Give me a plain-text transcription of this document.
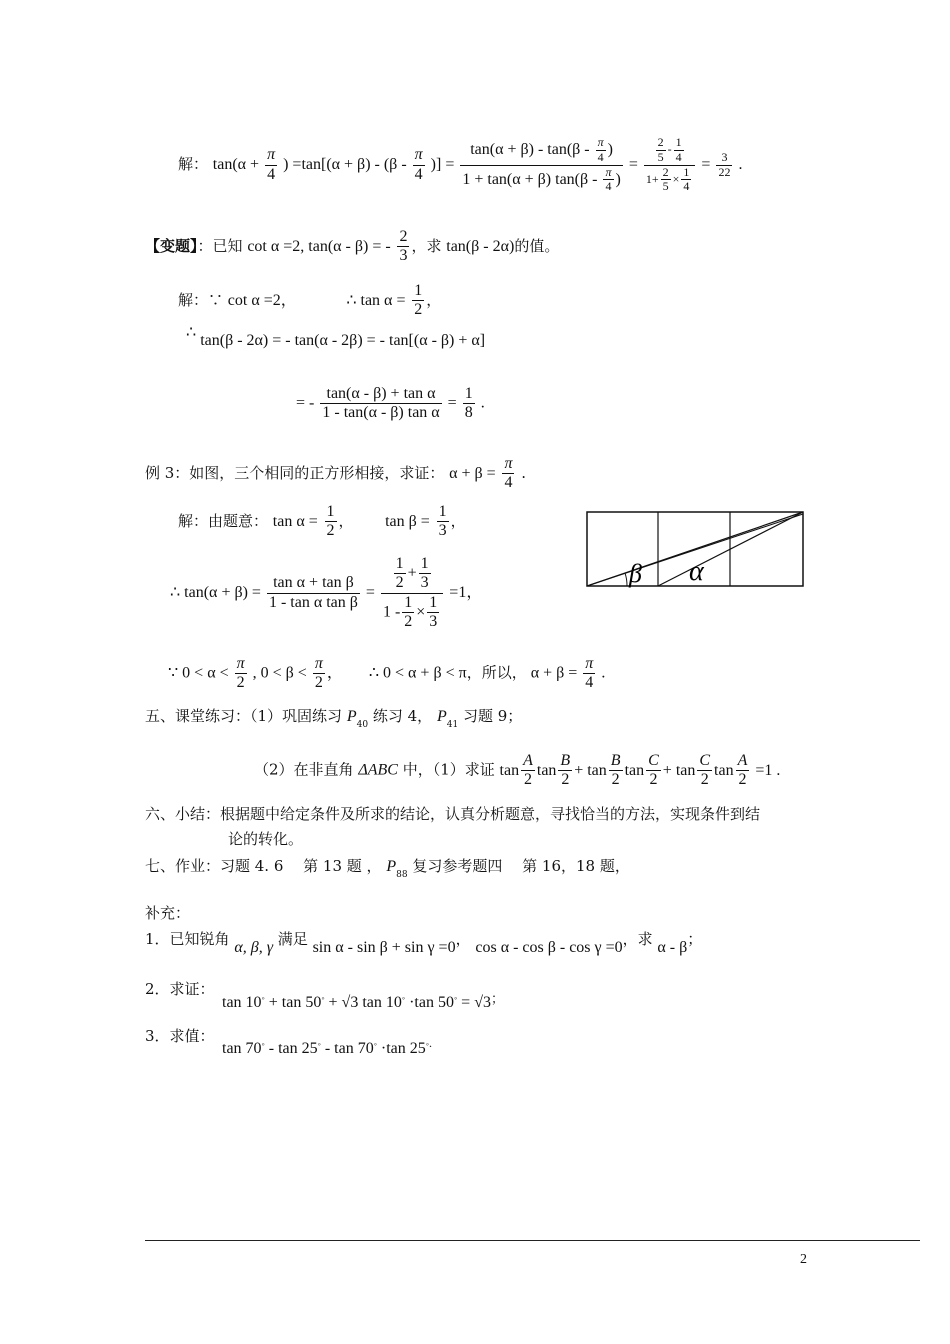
解： $\tan(\alpha + \frac{\pi}{4}$ ) $=\tan[(\alpha + \beta) - (\beta - \frac{\pi}{4}$ )] = $\frac{\tan(\alpha + \beta) - \tan(\beta - \frac{\pi}{4} )}{1 + \tan(\alpha + \beta) \tan(\beta - \frac{\pi}{4} )} = \frac{\frac{2}{5} - \frac{1}{4}}{1+ \frac{2}{5} \times \frac{1}{4}} = \frac{3}{22}$ .
【变题】：已知 cot α =2, tan(α - β) = - $\frac{2}{3}$ ，求 tan(β - 2α)的值。
解：∵ cot α =2，	∴ $\tan \alpha = \frac{1}{2}$ ，
∴ tan(β - 2α) = - tan(α - 2β) = - tan[(α - β) + α]
= - $\frac{\text{tan(α - β) + tan α}}{\text{1 - tan(α - β) tan α}} = \frac{1}{8}$ .
例 3：如图，三个相同的正方形相接，求证： $\alpha + \beta = \frac{\pi}{4}$ .
解：由题意： $\tan \alpha = \frac{1}{2}$ ， $\tan \beta = \frac{1}{3}$ ，
∴ $\tan(\alpha + \beta) = \frac{\text{tan α + tan β}}{\text{1 - tan α tan β}} = \frac{\frac{1}{2} + \frac{1}{3}}{1 - \frac{1}{2} \times \frac{1}{3}} =1$，
∵ $0 < \alpha < \frac{\pi}{2}$ , $0 < \beta < \frac{\pi}{2}$ ， ∴ 0 < α + β < π，所以， $\alpha + \beta = \frac{\pi}{4}$ .
β α
五、课堂练习：（1）巩固练习 $P_{40}$ 练习 4， $P_{41}$ 习题 9；
（2）在非直角 ΔABC 中，（1）求证 $\tan \frac{A}{2}$ $\tan \frac{B}{2} + \tan \frac{B}{2}$ $\tan \frac{C}{2} + \tan \frac{C}{2}$ $\tan \frac{A}{2} =1$ .
六、小结：根据题中给定条件及所求的结论，认真分析题意，寻找恰当的方法，实现条件到结
论的转化。
七、作业：习题 4. 6　 第 13 题 ， $P_{88}$ 复习参考题四　 第 16，18 题，
补充：
1．已知锐角 α, β, γ 满足 sin α - sin β + sin γ =0， cos α - cos β - cos γ =0，求 α - β；
2．求证：
tan 10◦ + tan 50◦ + √3 tan 10◦ ·tan 50◦ = √3；
3．求值：
tan 70◦ - tan 25◦ - tan 70◦ ·tan 25◦.
2
